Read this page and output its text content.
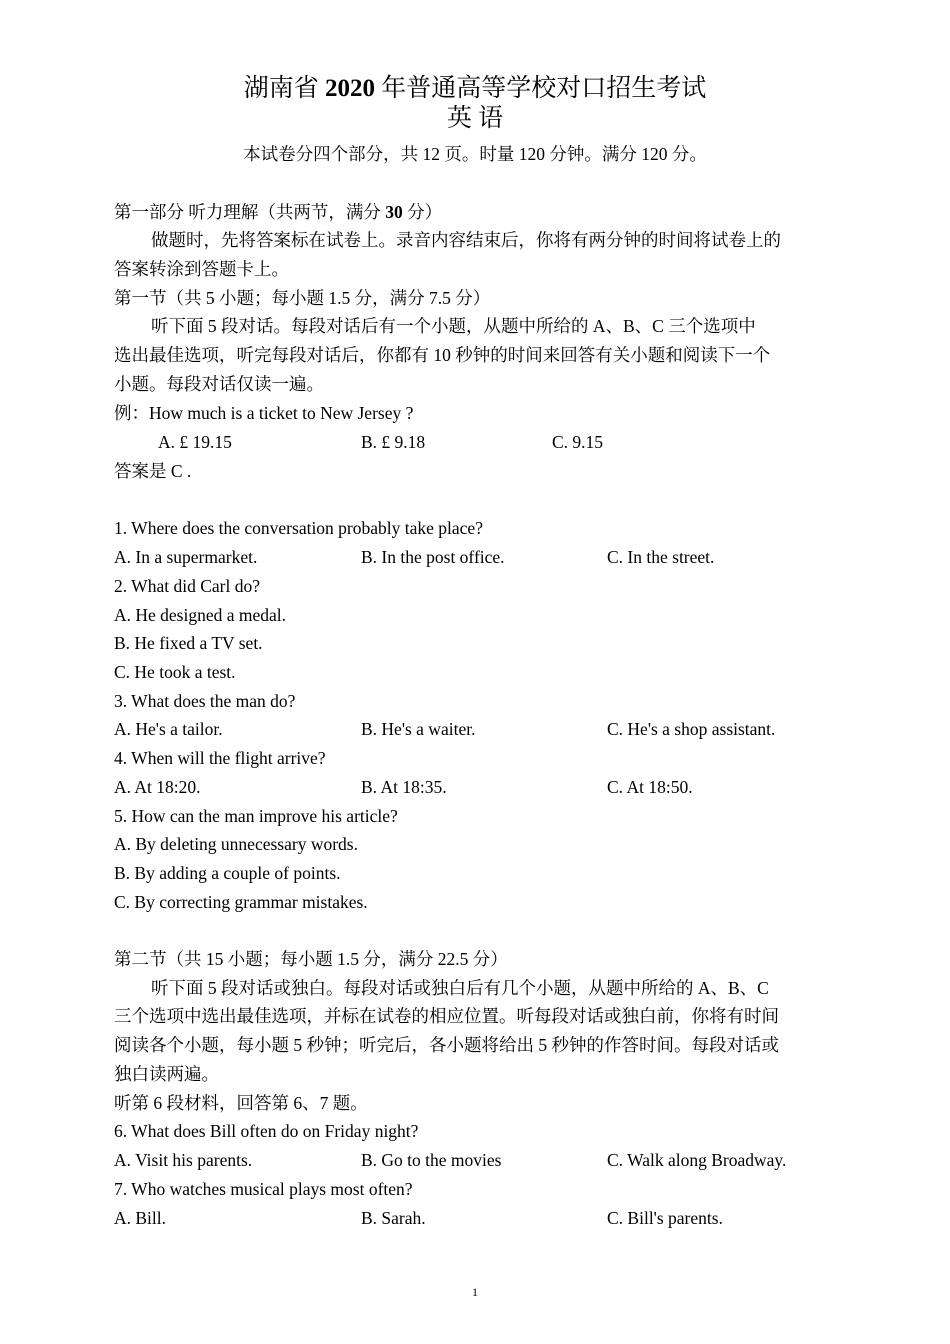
湖南省 2020 年普通高等学校对口招生考试
英 语
本试卷分四个部分，共 12 页。时量 120 分钟。满分 120 分。
第一部分 听力理解（共两节，满分 30 分）
做题时，先将答案标在试卷上。录音内容结束后，你将有两分钟的时间将试卷上的
答案转涂到答题卡上。
第一节（共 5 小题；每小题 1.5 分，满分 7.5 分）
听下面 5 段对话。每段对话后有一个小题，从题中所给的 A、B、C 三个选项中
选出最佳选项，听完每段对话后，你都有 10 秒钟的时间来回答有关小题和阅读下一个
小题。每段对话仅读一遍。
例：How much is a ticket to New Jersey ?
A. £ 19.15	B. £ 9.18	C. 9.15
答案是 C .
1. Where does the conversation probably take place?
A. In a supermarket.	B. In the post office.	C. In the street.
2. What did Carl do?
A. He designed a medal.
B. He fixed a TV set.
C. He took a test.
3. What does the man do?
A. He's a tailor.	B. He's a waiter.	C. He's a shop assistant.
4. When will the flight arrive?
A. At 18:20.	B. At 18:35.	C. At 18:50.
5. How can the man improve his article?
A. By deleting unnecessary words.
B. By adding a couple of points.
C. By correcting grammar mistakes.
第二节（共 15 小题；每小题 1.5 分，满分 22.5 分）
听下面 5 段对话或独白。每段对话或独白后有几个小题，从题中所给的 A、B、C
三个选项中选出最佳选项，并标在试卷的相应位置。听每段对话或独白前，你将有时间
阅读各个小题，每小题 5 秒钟；听完后，各小题将给出 5 秒钟的作答时间。每段对话或
独白读两遍。
听第 6 段材料，回答第 6、7 题。
6. What does Bill often do on Friday night?
A. Visit his parents.	B. Go to the movies	C. Walk along Broadway.
7. Who watches musical plays most often?
A. Bill.	B. Sarah.	C. Bill's parents.
1
